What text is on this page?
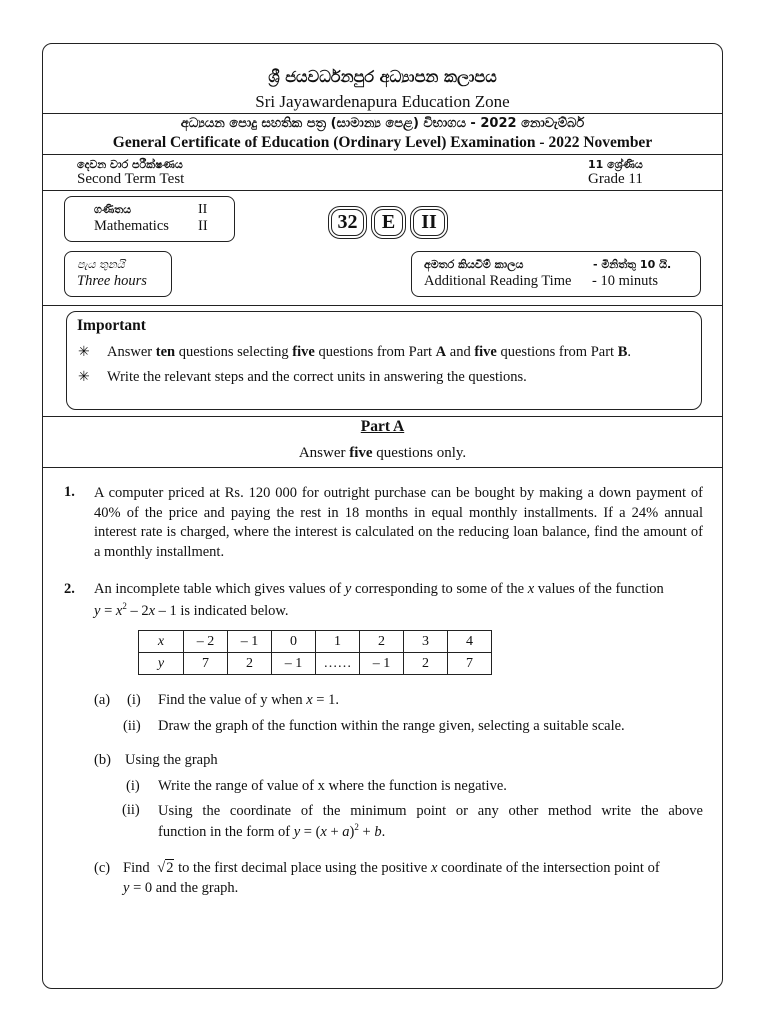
ශ්‍රී ජයවර්ධනපුර අධ්‍යාපන කලාපය
Sri Jayawardenapura Education Zone
අධ්‍යයන පොදු සහතික පත්‍ර (සාමාන්‍ය පෙළ) විභාගය - 2022 නොවැම්බර්
General Certificate of Education (Ordinary Level) Examination - 2022 November
දෙවන වාර පරීක්ෂණය
Second Term Test
11 ශ්‍රේණිය
Grade 11
ගණිතය	II
Mathematics II	32 E II
පැය තුනයි
Three hours
අමතර කියවීම් කාලය	- මිනිත්තු 10 යි.
Additional Reading Time - 10 minuts
Important
✳ Answer ten questions selecting five questions from Part A and five questions from Part B.
✳ Write the relevant steps and the correct units in answering the questions.
Part A
Answer five questions only.
1. A computer priced at Rs. 120 000 for outright purchase can be bought by making a down payment of 40% of the price and paying the rest in 18 months in equal monthly installments. If a 24% annual interest rate is charged, where the interest is calculated on the reducing loan balance, find the amount of a monthly installment.
2. An incomplete table which gives values of y corresponding to some of the x values of the function
$y = x^2 - 2x - 1$ is indicated below.
x	– 2	– 1	0	1	2	3	4
y	7	2	– 1	……	– 1	2	7
(a) (i) Find the value of y when x = 1.
(ii) Draw the graph of the function within the range given, selecting a suitable scale.
(b) Using the graph
(i) Write the range of value of x where the function is negative.
(ii) Using the coordinate of the minimum point or any other method write the above
function in the form of $y = (x + a)^2 + b$.
(c) Find √2 to the first decimal place using the positive x coordinate of the intersection point of
y = 0 and the graph.
